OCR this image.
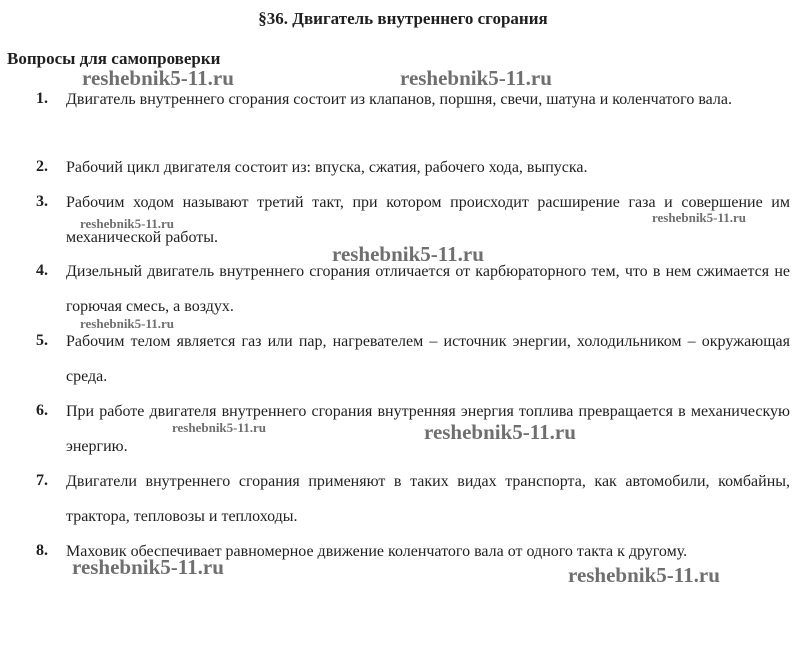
§36. Двигатель внутреннего сгорания
Вопросы для самопроверки
1. Двигатель внутреннего сгорания состоит из клапанов, поршня, свечи, шатуна и коленчатого вала.
2. Рабочий цикл двигателя состоит из: впуска, сжатия, рабочего хода, выпуска.
3. Рабочим ходом называют третий такт, при котором происходит расширение газа и совершение им механической работы.
4. Дизельный двигатель внутреннего сгорания отличается от карбюраторного тем, что в нем сжимается не горючая смесь, а воздух.
5. Рабочим телом является газ или пар, нагревателем – источник энергии, холодильником – окружающая среда.
6. При работе двигателя внутреннего сгорания внутренняя энергия топлива превращается в механическую энергию.
7. Двигатели внутреннего сгорания применяют в таких видах транспорта, как автомобили, комбайны, трактора, тепловозы и теплоходы.
8. Маховик обеспечивает равномерное движение коленчатого вала от одного такта к другому.
reshebnik5-11.ru	reshebnik5-11.ru
reshebnik5-11.ru	reshebnik5-11.ru
reshebnik5-11.ru
reshebnik5-11.ru
reshebnik5-11.ru	reshebnik5-11.ru
reshebnik5-11.ru	reshebnik5-11.ru
